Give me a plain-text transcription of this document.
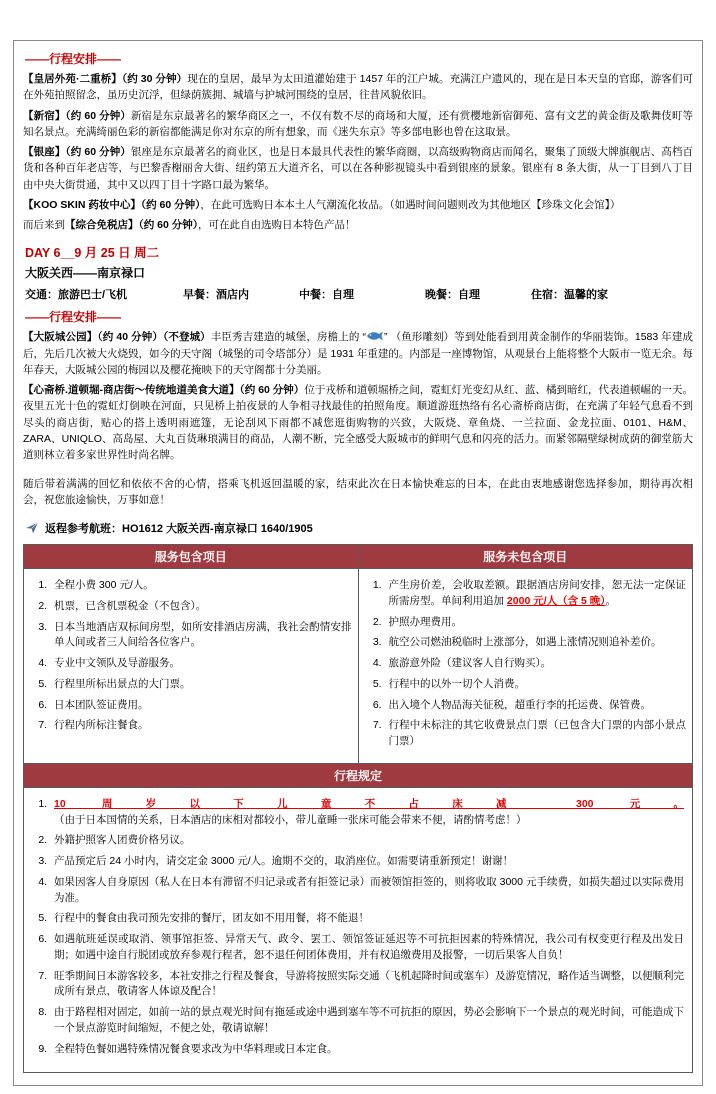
——行程安排——

【皇居外苑·二重桥】（约 30 分钟）现在的皇居，最早为太田道灌始建于 1457 年的江户城。充满江户遗风的，现在是日本天皇的官邸，游客们可在外苑拍照留念，虽历史沉浮，但绿荫簇拥、城墙与护城河围绕的皇居，往昔风貌依旧。

【新宿】（约 60 分钟）新宿是东京最著名的繁华商区之一，不仅有数不尽的商场和大厦，还有赏樱地新宿御苑、富有文艺的黄金街及歌舞伎町等知名景点。充满绮丽色彩的新宿都能满足你对东京的所有想象，而《迷失东京》等多部电影也曾在这取景。

【银座】（约 60 分钟）银座是东京最著名的商业区，也是日本最具代表性的繁华商圈，以高级购物商店而闻名，聚集了顶级大牌旗舰店、高档百货和各种百年老店等，与巴黎香榭丽舍大街、纽约第五大道齐名，可以在各种影视镜头中看到银座的景象。银座有 8 条大街，从一丁目到八丁目由中央大街贯通，其中又以四丁目十字路口最为繁华。

【KOO SKIN 药妆中心】（约 60 分钟），在此可选购日本本土人气潮流化妆品。（如遇时间问题则改为其他地区【珍珠文化会馆】）

而后来到【综合免税店】（约 60 分钟），可在此自由选购日本特色产品！

DAY 6__9 月 25 日 周二
大阪关西——南京禄口
交通：旅游巴士/飞机	早餐：酒店内	中餐：自理	晚餐：自理	住宿：温馨的家
——行程安排——

【大阪城公园】（约 40 分钟）（不登城）丰臣秀吉建造的城堡，房檐上的 “ ” （鱼形雕刻）等到处能看到用黄金制作的华丽装饰。1583 年建成后，先后几次被大火烧毁，如今的天守阁（城堡的司令塔部分）是 1931 年重建的。内部是一座博物馆，从观景台上能将整个大阪市一览无余。每年春天，大阪城公园的梅园以及樱花掩映下的天守阁都十分美丽。

【心斋桥.道顿堀-商店街～传统地道美食大道】（约 60 分钟）位于戎桥和道顿堀桥之间，霓虹灯光变幻从红、蓝、橘到暗红，代表道顿崛的一天。夜里五光十色的霓虹灯倒映在河面，只见桥上拍夜景的人争相寻找最佳的拍照角度。顺道游逛热络有名心斋桥商店街，在充满了年轻气息看不到尽头的商店街，贴心的搭上透明雨遮篷，无论刮风下雨都不减您逛街购物的兴致，大阪烧、章鱼烧、一兰拉面、金龙拉面、0101、H&M、ZARA、UNIQLO、高岛屋、大丸百货琳琅满目的商品，人潮不断，完全感受大阪城市的鲜明气息和闪亮的活力。而紧邻隔壁绿树成荫的御堂筋大道则林立着多家世界性时尚名牌。

随后带着满满的回忆和依依不舍的心情，搭乘飞机返回温暖的家，结束此次在日本愉快难忘的日本，在此由衷地感谢您选择参加，期待再次相会，祝您旅途愉快，万事如意！

返程参考航班：HO1612 大阪关西-南京禄口 1640/1905
服务包含项目	服务未包含项目

1. 全程小费 300 元/人。
2. 机票，已含机票税金（不包含）。
3. 日本当地酒店双标间房型，如所安排酒店房满，我社会酌情安排单人间或者三人间给各位客户。
4. 专业中文领队及导游服务。
5. 行程里所标出景点的大门票。
6. 日本团队签证费用。
7. 行程内所标注餐食。

1. 产生房价差，会收取差额。跟据酒店房间安排，恕无法一定保证所需房型。单间利用追加 2000 元/人（含 5 晚）。
2. 护照办理费用。
3. 航空公司燃油税临时上涨部分，如遇上涨情况则追补差价。
4. 旅游意外险（建议客人自行购买）。
5. 行程中的以外一切个人消费。
6. 出入境个人物品海关征税，超重行李的托运费、保管费。
7. 行程中未标注的其它收费景点门票（已包含大门票的内部小景点门票）

行程规定	

1. 10 周岁以下儿童不占床减 300 元。（由于日本国情的关系，日本酒店的床相对都较小，带儿童睡一张床可能会带来不便，请酌情考虑！）
2. 外籍护照客人团费价格另议。
3. 产品预定后 24 小时内，请交定金 3000 元/人。逾期不交的，取消座位。如需要请重新预定！谢谢！
4. 如果因客人自身原因（私人在日本有滞留不归记录或者有拒签记录）而被领馆拒签的，则将收取 3000 元手续费，如损失超过以实际费用为准。
5. 行程中的餐食由我司预先安排的餐厅，团友如不用用餐，将不能退！
6. 如遇航班延误或取消、领事馆拒签、异常天气、政令、罢工、领馆签证延迟等不可抗拒因素的特殊情况，我公司有权变更行程及出发日期；如遇中途自行脱团或放弃参观行程者，恕不退任何团体费用，并有权追缴费用及报警，一切后果客人自负！
7. 旺季期间日本游客较多，本社安排之行程及餐食，导游将按照实际交通（飞机起降时间或塞车）及游览情况，略作适当调整，以便顺利完成所有景点，敬请客人体谅及配合！
8. 由于路程相对固定，如前一站的景点观光时间有拖延或途中遇到塞车等不可抗拒的原因，势必会影响下一个景点的观光时间，可能造成下一个景点游览时间缩短，不便之处，敬请谅解！
9. 全程特色餐如遇特殊情况餐食要求改为中华料理或日本定食。
